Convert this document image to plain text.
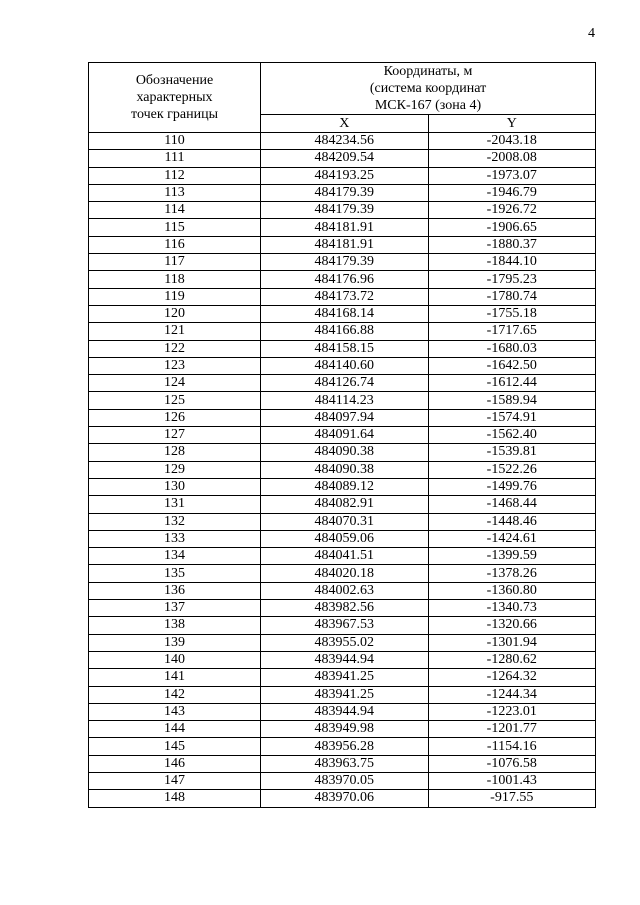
4
Обозначение
характерных
точек границы	Координаты, м
(система координат
МСК-167 (зона 4)	

	X	Y
110	484234.56	-2043.18
111	484209.54	-2008.08
112	484193.25	-1973.07
113	484179.39	-1946.79
114	484179.39	-1926.72
115	484181.91	-1906.65
116	484181.91	-1880.37
117	484179.39	-1844.10
118	484176.96	-1795.23
119	484173.72	-1780.74
120	484168.14	-1755.18
121	484166.88	-1717.65
122	484158.15	-1680.03
123	484140.60	-1642.50
124	484126.74	-1612.44
125	484114.23	-1589.94
126	484097.94	-1574.91
127	484091.64	-1562.40
128	484090.38	-1539.81
129	484090.38	-1522.26
130	484089.12	-1499.76
131	484082.91	-1468.44
132	484070.31	-1448.46
133	484059.06	-1424.61
134	484041.51	-1399.59
135	484020.18	-1378.26
136	484002.63	-1360.80
137	483982.56	-1340.73
138	483967.53	-1320.66
139	483955.02	-1301.94
140	483944.94	-1280.62
141	483941.25	-1264.32
142	483941.25	-1244.34
143	483944.94	-1223.01
144	483949.98	-1201.77
145	483956.28	-1154.16
146	483963.75	-1076.58
147	483970.05	-1001.43
148	483970.06	-917.55
